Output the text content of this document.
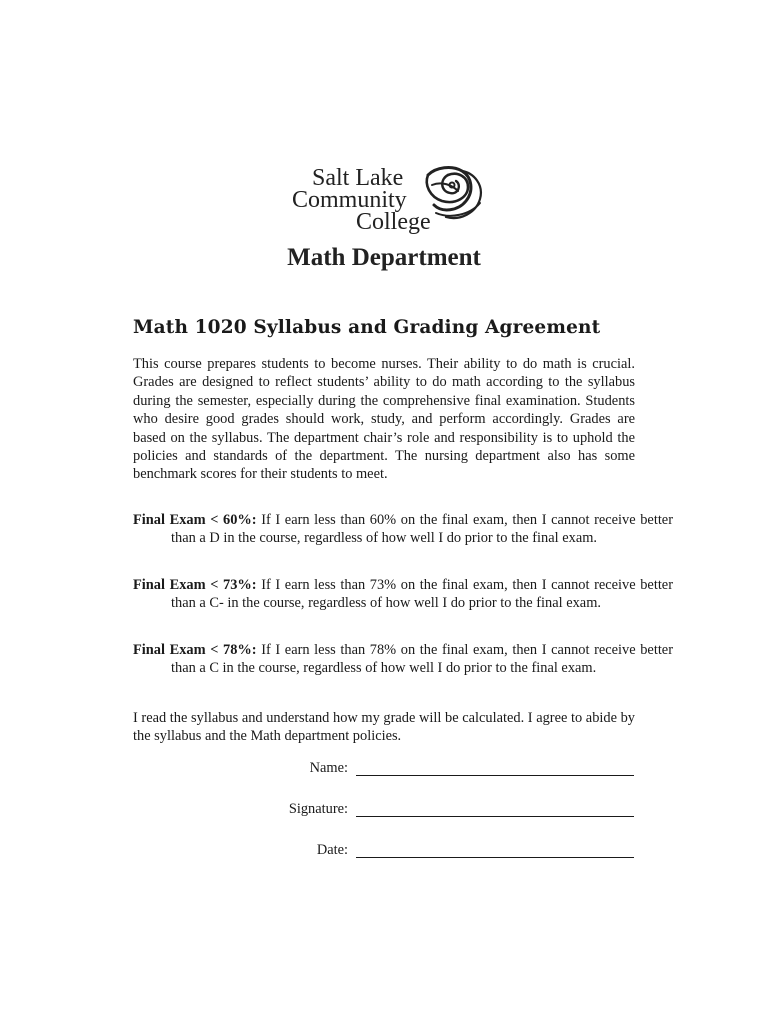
Salt Lake
Community
College
Math Department
Math 1020 Syllabus and Grading Agreement

This course prepares students to become nurses. Their ability to do math is crucial. Grades are designed to reflect students’ ability to do math according to the syllabus during the semester, especially during the comprehensive final examination. Students who desire good grades should work, study, and perform accordingly. Grades are based on the syllabus. The department chair’s role and responsibility is to uphold the policies and standards of the department. The nursing department also has some benchmark scores for their students to meet.

Final Exam < 60%: If I earn less than 60% on the final exam, then I cannot receive better than a D in the course, regardless of how well I do prior to the final exam.

Final Exam < 73%: If I earn less than 73% on the final exam, then I cannot receive better than a C- in the course, regardless of how well I do prior to the final exam.

Final Exam < 78%: If I earn less than 78% on the final exam, then I cannot receive better than a C in the course, regardless of how well I do prior to the final exam.

I read the syllabus and understand how my grade will be calculated. I agree to abide by the syllabus and the Math department policies.

Name:
Signature:
Date:
